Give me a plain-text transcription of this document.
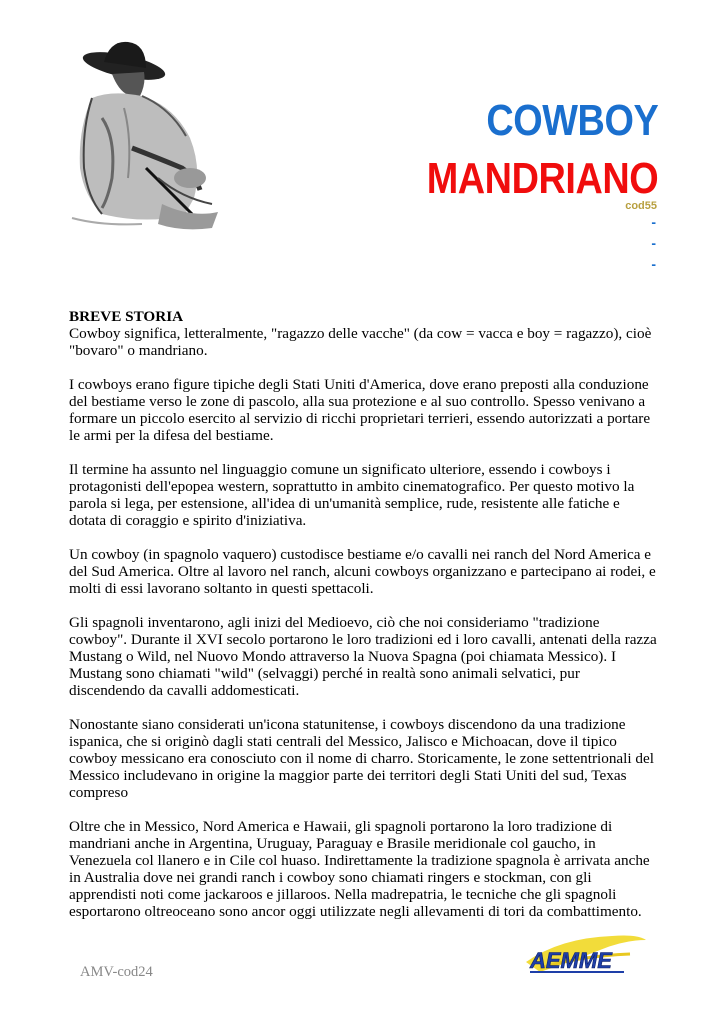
COWBOY
MANDRIANO
cod55
-
-
-
BREVE STORIA

Cowboy significa, letteralmente, "ragazzo delle vacche" (da cow = vacca e boy = ragazzo), cioè "bovaro" o mandriano.

I cowboys erano figure tipiche degli Stati Uniti d'America, dove erano preposti alla conduzione del bestiame verso le zone di pascolo, alla sua protezione e al suo controllo. Spesso venivano a formare un piccolo esercito al servizio di ricchi proprietari terrieri, essendo autorizzati a portare le armi per la difesa del bestiame.

Il termine ha assunto nel linguaggio comune un significato ulteriore, essendo i cowboys i protagonisti dell'epopea western, soprattutto in ambito cinematografico. Per questo motivo la parola si lega, per estensione, all'idea di un'umanità semplice, rude, resistente alle fatiche e dotata di coraggio e spirito d'iniziativa.

Un cowboy (in spagnolo vaquero) custodisce bestiame e/o cavalli nei ranch del Nord America e del Sud America. Oltre al lavoro nel ranch, alcuni cowboys organizzano e partecipano ai rodei, e molti di essi lavorano soltanto in questi spettacoli.

Gli spagnoli inventarono, agli inizi del Medioevo, ciò che noi consideriamo "tradizione cowboy". Durante il XVI secolo portarono le loro tradizioni ed i loro cavalli, antenati della razza Mustang o Wild, nel Nuovo Mondo attraverso la Nuova Spagna (poi chiamata Messico). I Mustang sono chiamati "wild" (selvaggi) perché in realtà sono animali selvatici, pur discendendo da cavalli addomesticati.

Nonostante siano considerati un'icona statunitense, i cowboys discendono da una tradizione ispanica, che si originò dagli stati centrali del Messico, Jalisco e Michoacan, dove il tipico cowboy messicano era conosciuto con il nome di charro. Storicamente, le zone settentrionali del Messico includevano in origine la maggior parte dei territori degli Stati Uniti del sud, Texas compreso

Oltre che in Messico, Nord America e Hawaii, gli spagnoli portarono la loro tradizione di mandriani anche in Argentina, Uruguay, Paraguay e Brasile meridionale col gaucho, in Venezuela col llanero e in Cile col huaso. Indirettamente la tradizione spagnola è arrivata anche in Australia dove nei grandi ranch i cowboy sono chiamati ringers e stockman, con gli apprendisti noti come jackaroos e jillaroos. Nella madrepatria, le tecniche che gli spagnoli esportarono oltreoceano sono ancor oggi utilizzate negli allevamenti di tori da combattimento.

AMV-cod24	AEMME
